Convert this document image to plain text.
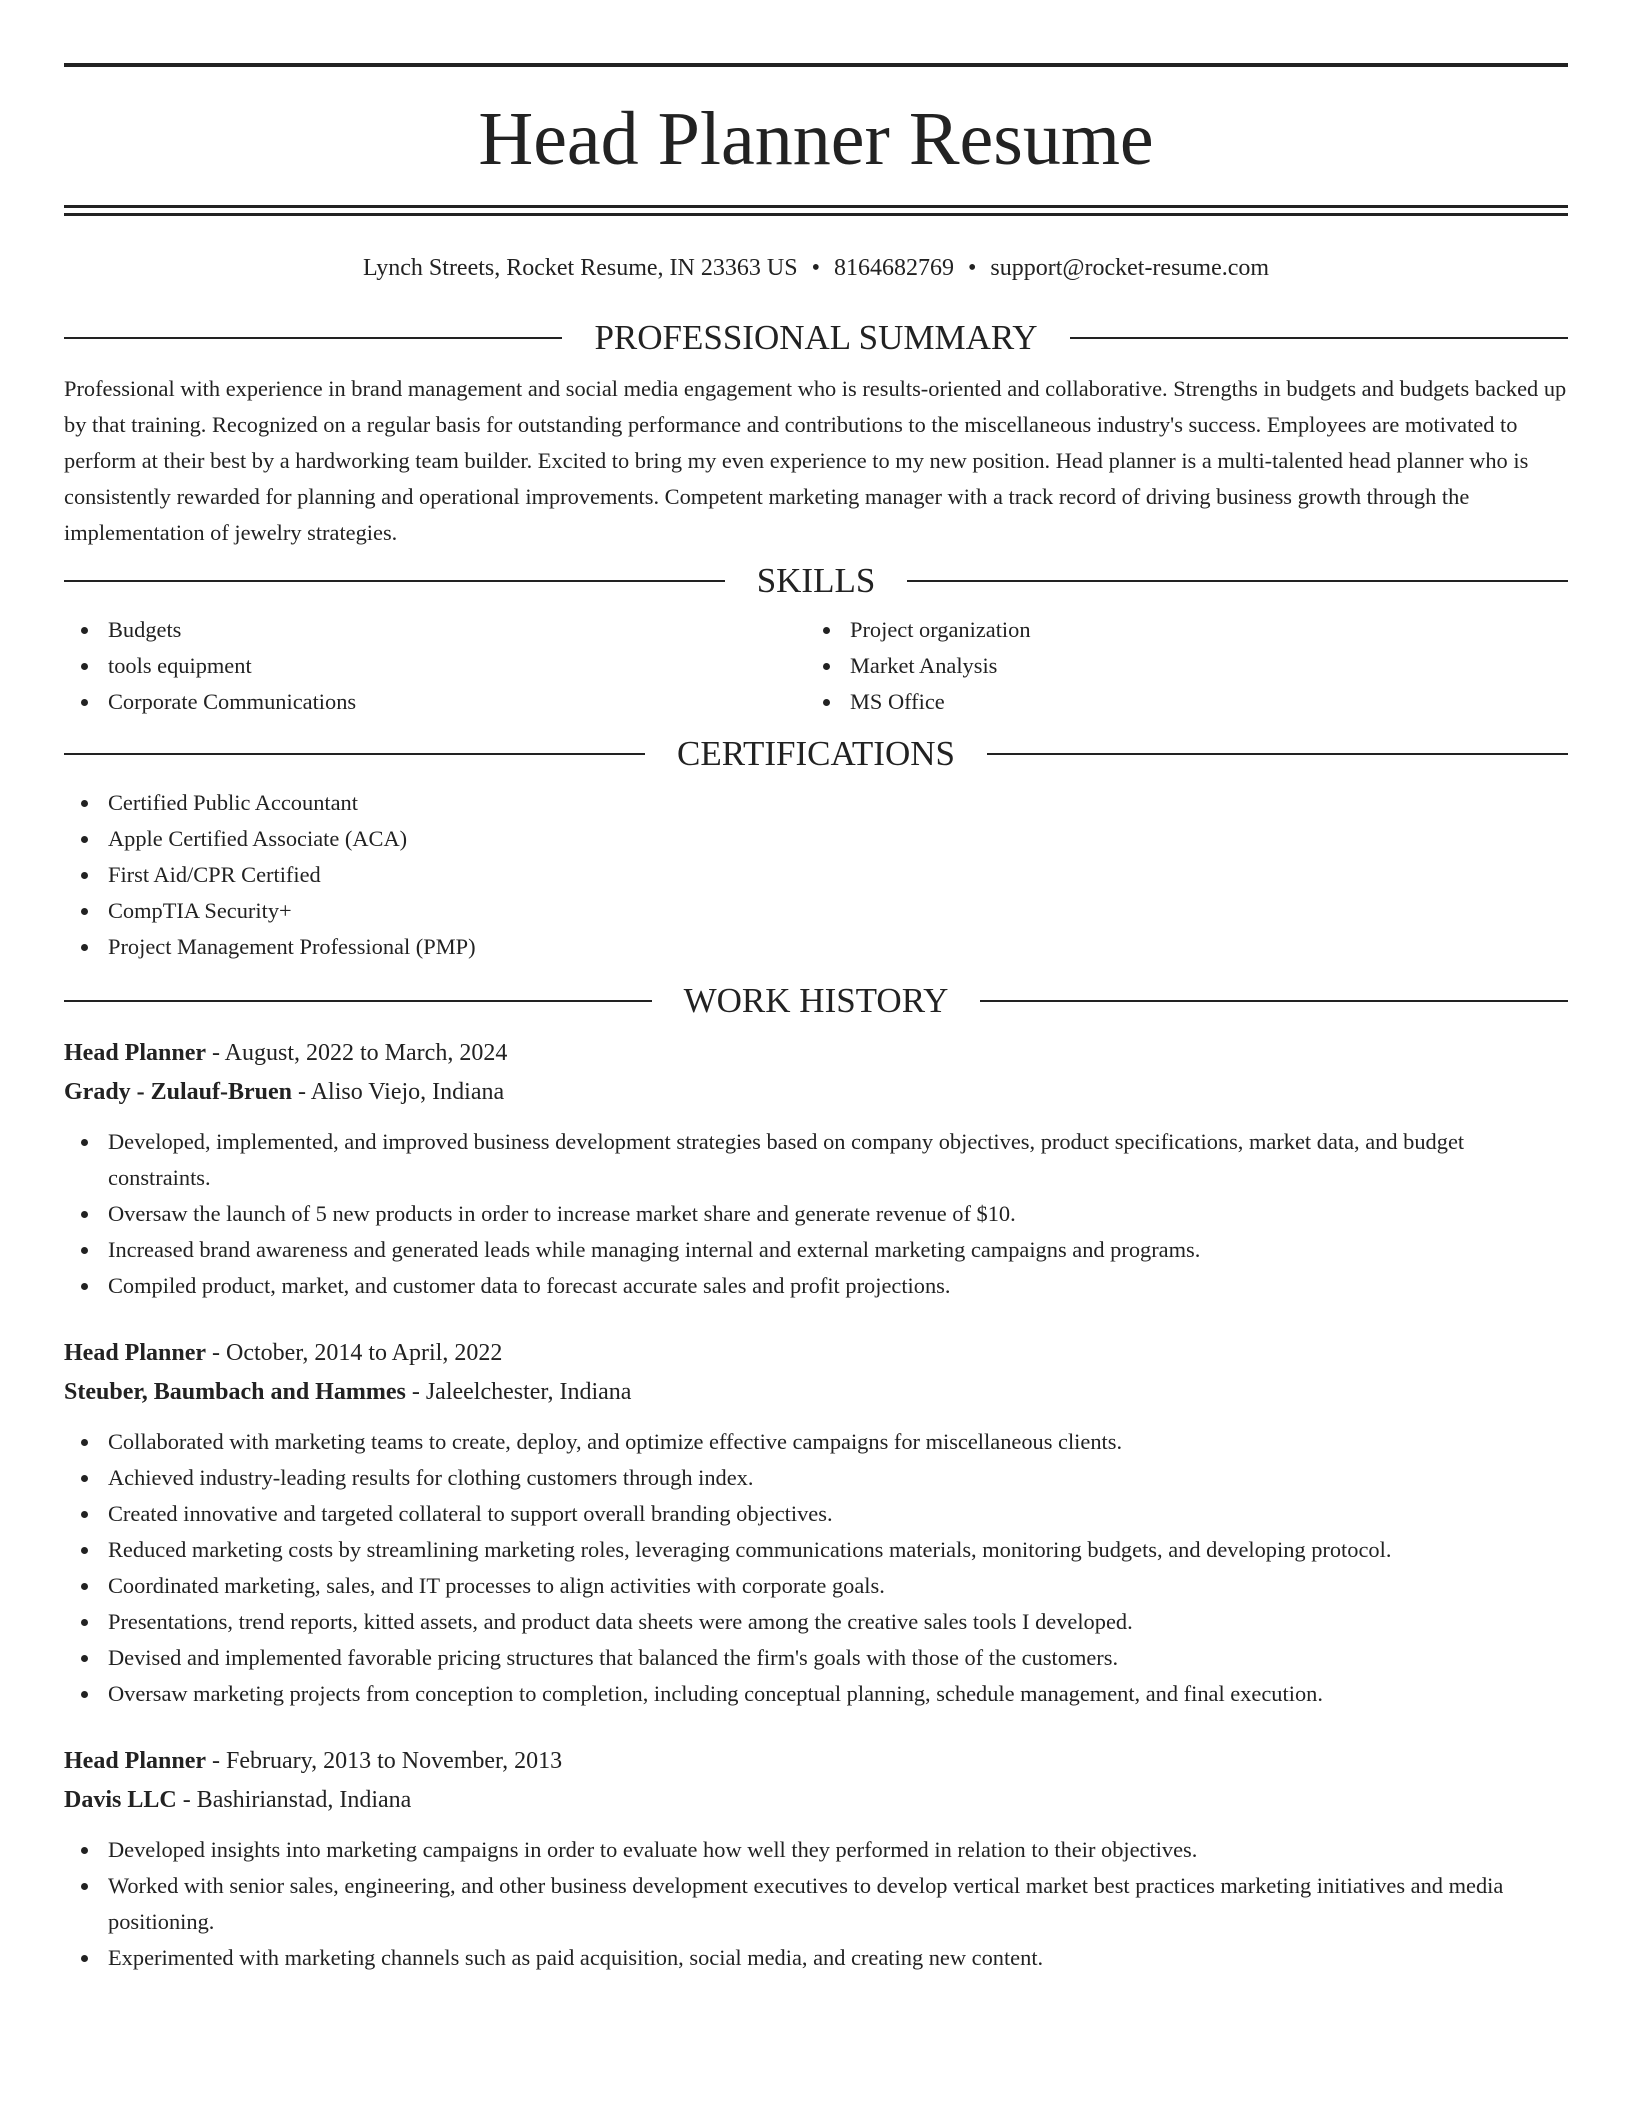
Head Planner Resume
Lynch Streets, Rocket Resume, IN 23363 US • 8164682769 • support@rocket-resume.com
PROFESSIONAL SUMMARY

Professional with experience in brand management and social media engagement who is results-oriented and collaborative. Strengths in budgets and budgets backed up by that training. Recognized on a regular basis for outstanding performance and contributions to the miscellaneous industry's success. Employees are motivated to perform at their best by a hardworking team builder. Excited to bring my even experience to my new position. Head planner is a multi-talented head planner who is consistently rewarded for planning and operational improvements. Competent marketing manager with a track record of driving business growth through the implementation of jewelry strategies.

SKILLS
Budgets
tools equipment
Corporate Communications
Project organization
Market Analysis
MS Office
CERTIFICATIONS
Certified Public Accountant
Apple Certified Associate (ACA)
First Aid/CPR Certified
CompTIA Security+
Project Management Professional (PMP)
WORK HISTORY
Head Planner - August, 2022 to March, 2024
Grady - Zulauf-Bruen - Aliso Viejo, Indiana
Developed, implemented, and improved business development strategies based on company objectives, product specifications, market data, and budget constraints.
Oversaw the launch of 5 new products in order to increase market share and generate revenue of $10.
Increased brand awareness and generated leads while managing internal and external marketing campaigns and programs.
Compiled product, market, and customer data to forecast accurate sales and profit projections.
Head Planner - October, 2014 to April, 2022
Steuber, Baumbach and Hammes - Jaleelchester, Indiana
Collaborated with marketing teams to create, deploy, and optimize effective campaigns for miscellaneous clients.
Achieved industry-leading results for clothing customers through index.
Created innovative and targeted collateral to support overall branding objectives.
Reduced marketing costs by streamlining marketing roles, leveraging communications materials, monitoring budgets, and developing protocol.
Coordinated marketing, sales, and IT processes to align activities with corporate goals.
Presentations, trend reports, kitted assets, and product data sheets were among the creative sales tools I developed.
Devised and implemented favorable pricing structures that balanced the firm's goals with those of the customers.
Oversaw marketing projects from conception to completion, including conceptual planning, schedule management, and final execution.
Head Planner - February, 2013 to November, 2013
Davis LLC - Bashirianstad, Indiana
Developed insights into marketing campaigns in order to evaluate how well they performed in relation to their objectives.
Worked with senior sales, engineering, and other business development executives to develop vertical market best practices marketing initiatives and media positioning.
Experimented with marketing channels such as paid acquisition, social media, and creating new content.
